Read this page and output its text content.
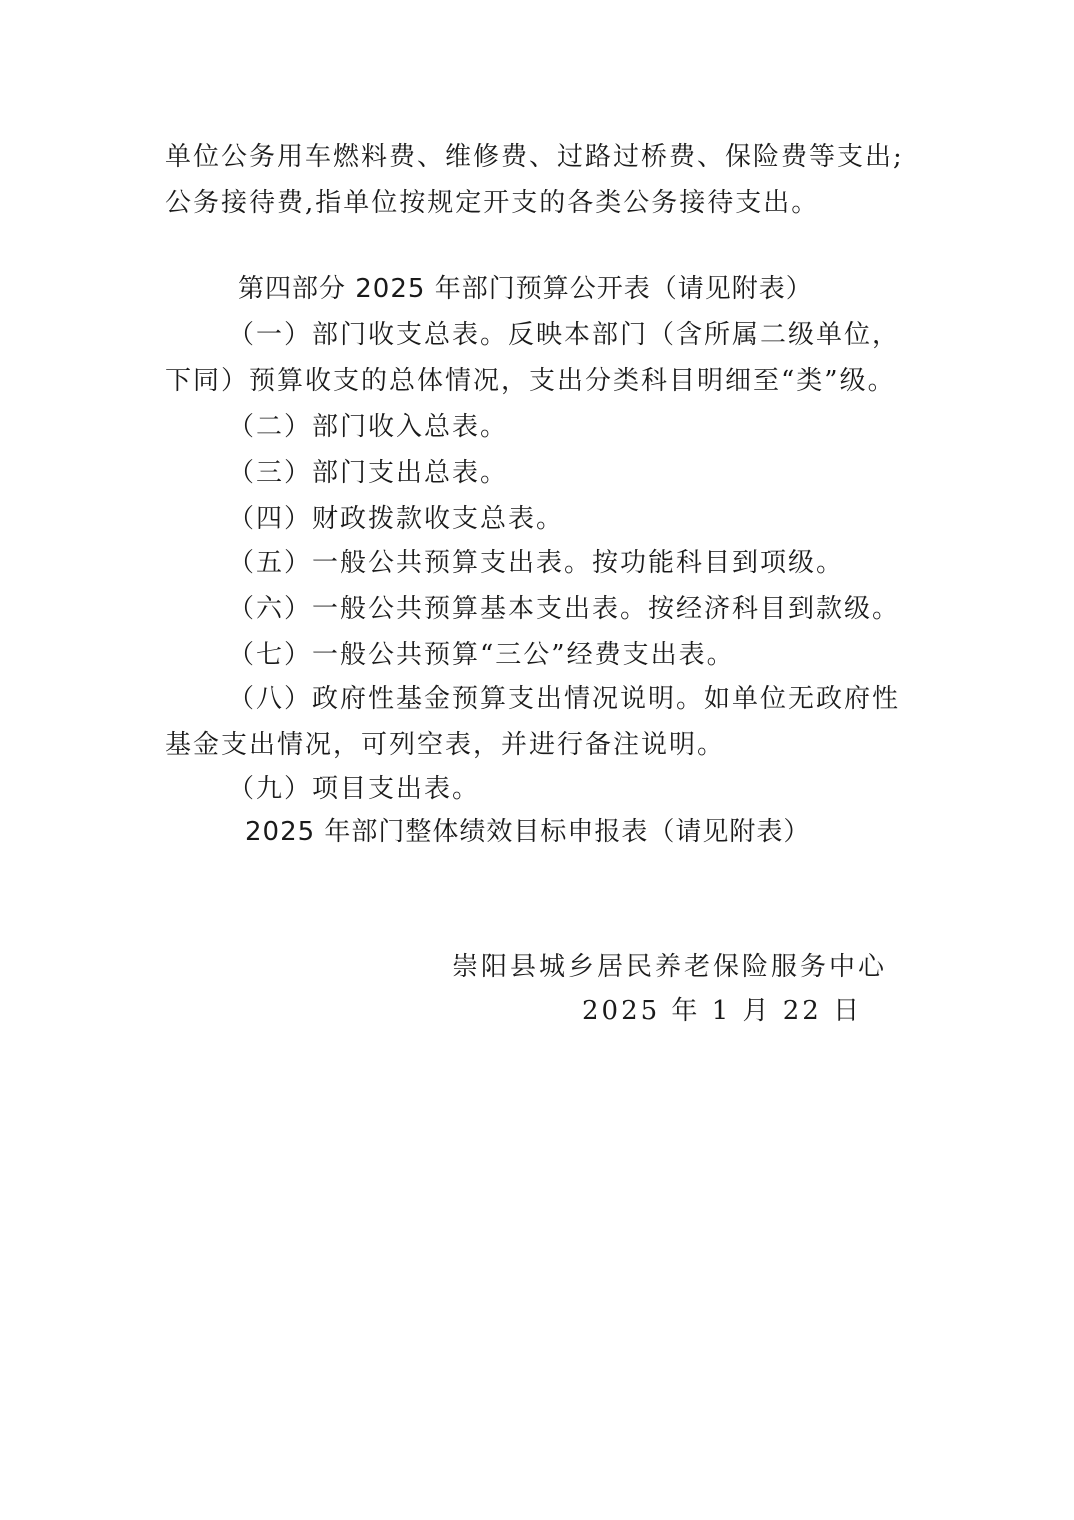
单位公务用车燃料费、维修费、过路过桥费、保险费等支出;
公务接待费,指单位按规定开支的各类公务接待支出。
第四部分 2025 年部门预算公开表（请见附表）
（一）部门收支总表。反映本部门（含所属二级单位，
下同）预算收支的总体情况，支出分类科目明细至“类”级。
（二）部门收入总表。
（三）部门支出总表。
（四）财政拨款收支总表。
（五）一般公共预算支出表。按功能科目到项级。
（六）一般公共预算基本支出表。按经济科目到款级。
（七）一般公共预算“三公”经费支出表。
（八）政府性基金预算支出情况说明。如单位无政府性
基金支出情况，可列空表，并进行备注说明。
（九）项目支出表。
2025 年部门整体绩效目标申报表（请见附表）
崇阳县城乡居民养老保险服务中心
2025 年 1 月 22 日
